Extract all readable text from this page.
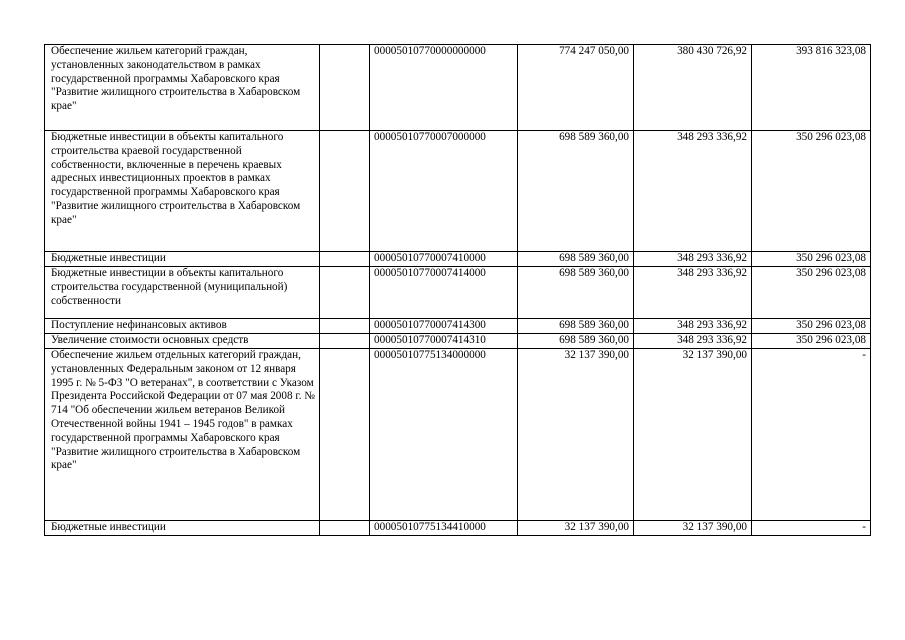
Обеспечение жильем категорий граждан, установленных законодательством в рамках государственной программы Хабаровского края "Развитие жилищного строительства в Хабаровском крае"		00005010770000000000	774 247 050,00	380 430 726,92	393 816 323,08
Бюджетные инвестиции в объекты капитального строительства краевой государственной собственности, включенные в перечень краевых адресных инвестиционных проектов в рамках государственной программы Хабаровского края "Развитие жилищного строительства в Хабаровском крае"		00005010770007000000	698 589 360,00	348 293 336,92	350 296 023,08
Бюджетные инвестиции		00005010770007410000	698 589 360,00	348 293 336,92	350 296 023,08
Бюджетные инвестиции в объекты капитального строительства государственной (муниципальной) собственности		00005010770007414000	698 589 360,00	348 293 336,92	350 296 023,08
Поступление нефинансовых активов		00005010770007414300	698 589 360,00	348 293 336,92	350 296 023,08
Увеличение стоимости основных средств		00005010770007414310	698 589 360,00	348 293 336,92	350 296 023,08
Обеспечение жильем отдельных категорий граждан, установленных Федеральным законом от 12 января 1995 г. № 5-ФЗ "О ветеранах", в соответствии с Указом Президента Российской Федерации от 07 мая 2008 г. № 714 "Об обеспечении жильем ветеранов Великой Отечественной войны 1941 – 1945 годов" в рамках государственной программы Хабаровского края "Развитие жилищного строительства в Хабаровском крае"		00005010775134000000	32 137 390,00	32 137 390,00	-
Бюджетные инвестиции		00005010775134410000	32 137 390,00	32 137 390,00	-
